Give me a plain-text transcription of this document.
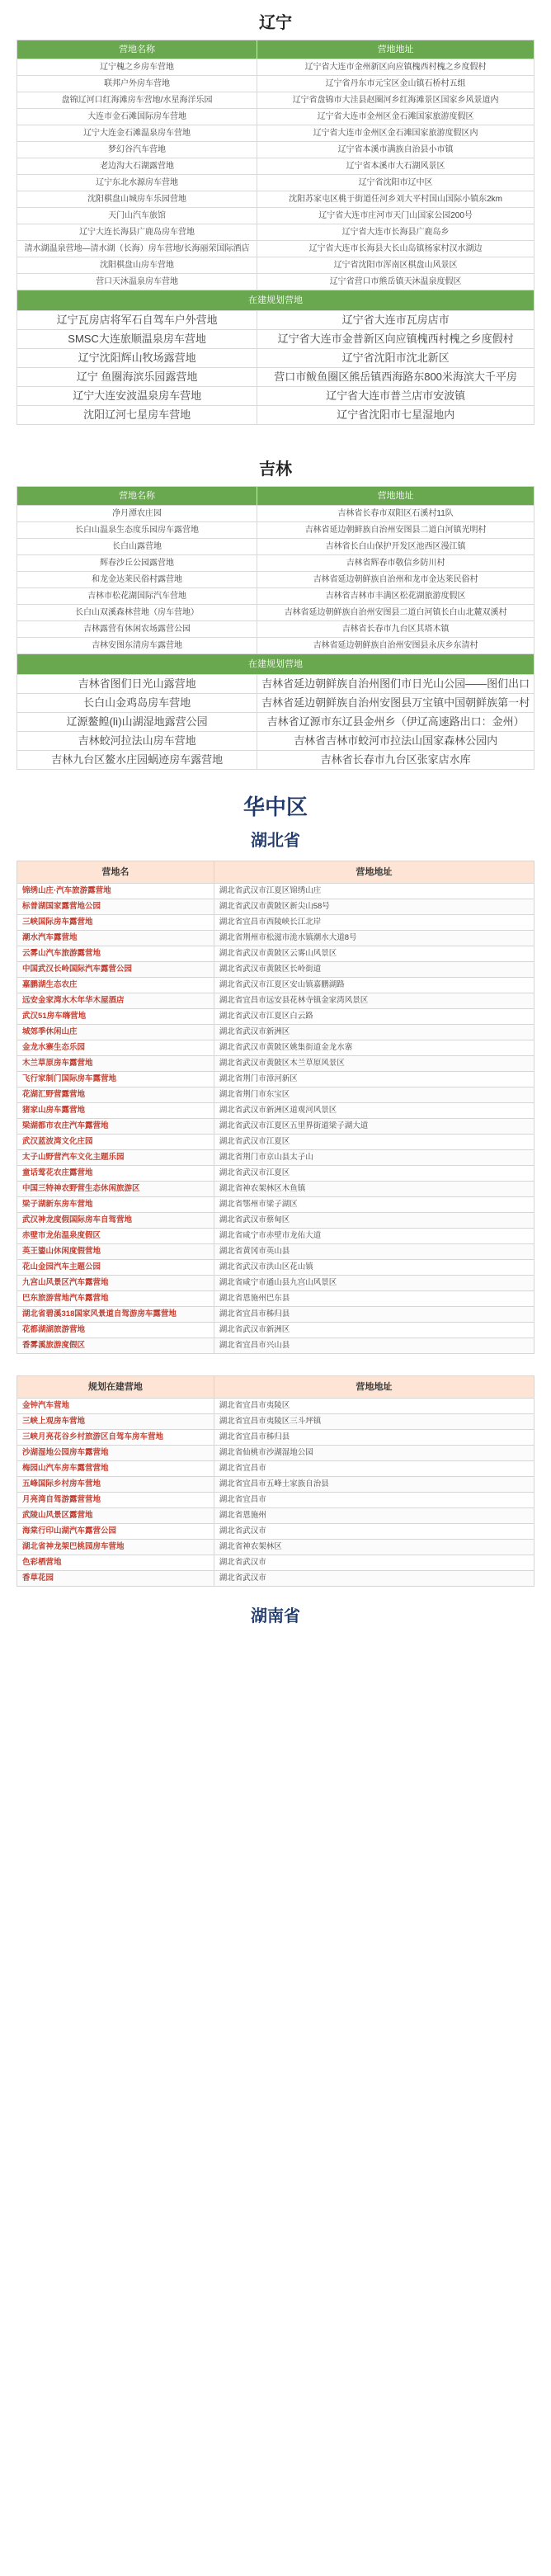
辽宁
营地名称	营地地址
辽宁槐之乡房车营地	辽宁省大连市金州新区向应镇槐西村槐之乡度假村
联邦户外房车营地	辽宁省丹东市元宝区金山镇石桥村五组
盘锦辽河口红海滩房车营地/水星海洋乐园	辽宁省盘锦市大洼县赵圈河乡红海滩景区国家乡风景道内
大连市金石滩国际房车营地	辽宁省大连市金州区金石滩国家旅游度假区
辽宁大连金石滩温泉房车营地	辽宁省大连市金州区金石滩国家旅游度假区内
梦幻谷汽车营地	辽宁省本溪市满族自治县小市镇
老边沟大石湖露营地	辽宁省本溪市大石湖风景区
辽宁东北水源房车营地	辽宁省沈阳市辽中区
沈阳棋盘山城房车乐园营地	沈阳苏家屯区桃于街道任河乡刘大平村国山国际小镇东2km
天门山汽车旅馆	辽宁省大连市庄河市天门山国家公园200号
辽宁大连长海县广鹿岛房车营地	辽宁省大连市长海县广鹿岛乡
清水湖温泉营地—清水湖（长海）房车营地/长海丽荣国际酒店	辽宁省大连市长海县大长山岛镇杨家村汉水湖边
沈阳棋盘山房车营地	辽宁省沈阳市浑南区棋盘山风景区
营口天沐温泉房车营地	辽宁省营口市熊岳镇天沐温泉度假区
在建规划营地	
辽宁瓦房店将军石自驾车户外营地	辽宁省大连市瓦房店市
SMSC大连旅顺温泉房车营地	辽宁省大连市金普新区向应镇槐西村槐之乡度假村
辽宁沈阳辉山牧场露营地	辽宁省沈阳市沈北新区
辽宁 鱼圈海滨乐园露营地	营口市鲅鱼圈区熊岳镇西海路东800米海滨大千平房
辽宁大连安波温泉房车营地	辽宁省大连市普兰店市安波镇
沈阳辽河七星房车营地	辽宁省沈阳市七星湿地内
吉林
营地名称	营地地址
净月潭农庄园	吉林省长春市双阳区石溪村11队
长白山温泉生态度乐园房车露营地	吉林省延边朝鲜族自治州安图县二道白河镇光明村
长白山露营地	吉林省长白山保护开发区池西区漫江镇
辉春沙丘公园露营地	吉林省辉春市敬信乡防川村
和龙金达莱民俗村露营地	吉林省延边朝鲜族自治州和龙市金达莱民俗村
吉林市松花湖国际汽车营地	吉林省吉林市丰满区松花湖旅游度假区
长白山双溪森林营地（房车营地）	吉林省延边朝鲜族自治州安图县二道白河镇长白山北麓双溪村
吉林露营有休闲农场露营公园	吉林省长春市九台区其塔木镇
吉林安图东清房车露营地	吉林省延边朝鲜族自治州安图县永庆乡东清村
在建规划营地	
吉林省图们日光山露营地	吉林省延边朝鲜族自治州图们市日光山公园——图们出口
长白山金鸡岛房车营地	吉林省延边朝鲜族自治州安图县万宝镇中国朝鲜族第一村
辽源鳌鳇(lì)山湖湿地露营公园	吉林省辽源市东辽县金州乡（伊辽高速路出口：金州）
吉林蛟河拉法山房车营地	吉林省吉林市蛟河市拉法山国家森林公园内
吉林九台区鳌水庄园蜗迹房车露营地	吉林省长春市九台区张家店水库
华中区
湖北省
营地名	营地地址
锦绣山庄·汽车旅游露营地	湖北省武汉市江夏区锦绣山庄
标普湖国家露营地公园	湖北省武汉市黄陂区新尖山58号
三峡国际房车露营地	湖北省宜昌市西陵峡长江北岸
潮水汽车露营地	湖北省荆州市松滋市洈水镇潮水大道8号
云雾山汽车旅游露营地	湖北省武汉市黄陂区云雾山风景区
中国武汉长岭国际汽车露营公园	湖北省武汉市黄陂区长岭街道
嘉鹏湖生态农庄	湖北省武汉市江夏区安山镇嘉鹏湖路
远安金家湾水木年华木屋酒店	湖北省宜昌市远安县花林寺镇金家湾风景区
武汉51房车嗨营地	湖北省武汉市江夏区白云路
城郊季休闲山庄	湖北省武汉市新洲区
金龙水寨生态乐园	湖北省武汉市黄陂区姚集街道金龙水寨
木兰草原房车露营地	湖北省武汉市黄陂区木兰草原风景区
飞行家制门国际房车露营地	湖北省荆门市漳河新区
花湖汇野营露营地	湖北省荆门市东宝区
猪家山房车露营地	湖北省武汉市新洲区道观河风景区
梁湖都市农庄汽车露营地	湖北省武汉市江夏区五里界街道梁子湖大道
武汉蓝波湾文化庄园	湖北省武汉市江夏区
太子山野营汽车文化主题乐园	湖北省荆门市京山县太子山
童话莺花农庄露营地	湖北省武汉市江夏区
中国三特神农野营生态休闲旅游区	湖北省神农架林区木鱼镇
梁子湖新东房车营地	湖北省鄂州市梁子湖区
武汉神龙度假国际房车自驾营地	湖北省武汉市蔡甸区
赤壁市龙佑温泉度假区	湖北省咸宁市赤壁市龙佑大道
英王鎏山休闲度假营地	湖北省黄冈市英山县
花山金园汽车主题公园	湖北省武汉市洪山区花山镇
九宫山风景区汽车露营地	湖北省咸宁市通山县九宫山风景区
巴东旅游营地汽车露营地	湖北省恩施州巴东县
湖北省碧溪318国家风景道自驾游房车露营地	湖北省宜昌市秭归县
花都湖湖旅游营地	湖北省武汉市新洲区
香雾溪旅游度假区	湖北省宜昌市兴山县
规划在建营地	营地地址
金钟汽车营地	湖北省宜昌市夷陵区
三峡上观房车营地	湖北省宜昌市夷陵区三斗坪镇
三峡月亮花谷乡村旅游区自驾车房车营地	湖北省宜昌市秭归县
沙湖湿地公园房车露营地	湖北省仙桃市沙湖湿地公园
梅园山汽车房车露营营地	湖北省宜昌市
五峰国际乡村房车营地	湖北省宜昌市五峰土家族自治县
月亮湾自驾游露营营地	湖北省宜昌市
武陵山风景区露营地	湖北省恩施州
海棠行印山湖汽车露营公园	湖北省武汉市
湖北省神龙架巴桃园房车营地	湖北省神农架林区
色彩栖营地	湖北省武汉市
香草花园	湖北省武汉市
湖南省
